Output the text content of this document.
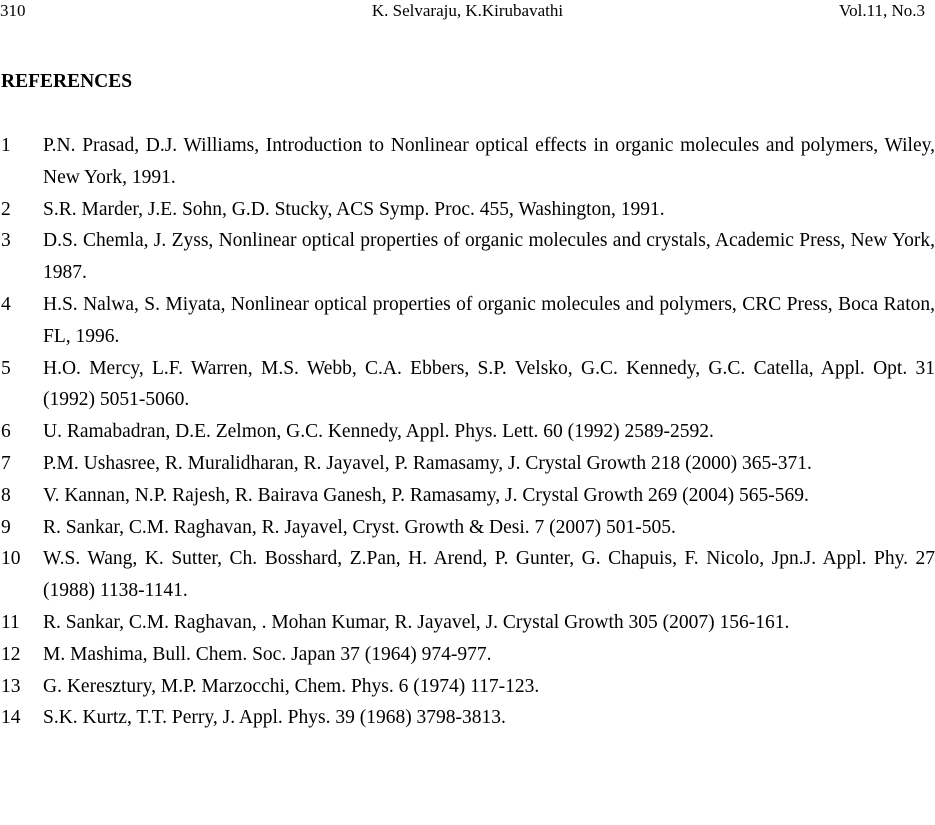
310	K. Selvaraju, K.Kirubavathi	Vol.11, No.3
REFERENCES
1 P.N. Prasad, D.J. Williams, Introduction to Nonlinear optical effects in organic molecules and polymers, Wiley, New York, 1991.
2 S.R. Marder, J.E. Sohn, G.D. Stucky, ACS Symp. Proc. 455, Washington, 1991.
3 D.S. Chemla, J. Zyss, Nonlinear optical properties of organic molecules and crystals, Academic Press, New York, 1987.
4 H.S. Nalwa, S. Miyata, Nonlinear optical properties of organic molecules and polymers, CRC Press, Boca Raton, FL, 1996.
5 H.O. Mercy, L.F. Warren, M.S. Webb, C.A. Ebbers, S.P. Velsko, G.C. Kennedy, G.C. Catella, Appl. Opt. 31 (1992) 5051-5060.
6 U. Ramabadran, D.E. Zelmon, G.C. Kennedy, Appl. Phys. Lett. 60 (1992) 2589-2592.
7 P.M. Ushasree, R. Muralidharan, R. Jayavel, P. Ramasamy, J. Crystal Growth 218 (2000) 365-371.
8 V. Kannan, N.P. Rajesh, R. Bairava Ganesh, P. Ramasamy, J. Crystal Growth 269 (2004) 565-569.
9 R. Sankar, C.M. Raghavan, R. Jayavel, Cryst. Growth & Desi. 7 (2007) 501-505.
10 W.S. Wang, K. Sutter, Ch. Bosshard, Z.Pan, H. Arend, P. Gunter, G. Chapuis, F. Nicolo, Jpn.J. Appl. Phy. 27 (1988) 1138-1141.
11 R. Sankar, C.M. Raghavan, . Mohan Kumar, R. Jayavel, J. Crystal Growth 305 (2007) 156-161.
12 M. Mashima, Bull. Chem. Soc. Japan 37 (1964) 974-977.
13 G. Keresztury, M.P. Marzocchi, Chem. Phys. 6 (1974) 117-123.
14 S.K. Kurtz, T.T. Perry, J. Appl. Phys. 39 (1968) 3798-3813.
